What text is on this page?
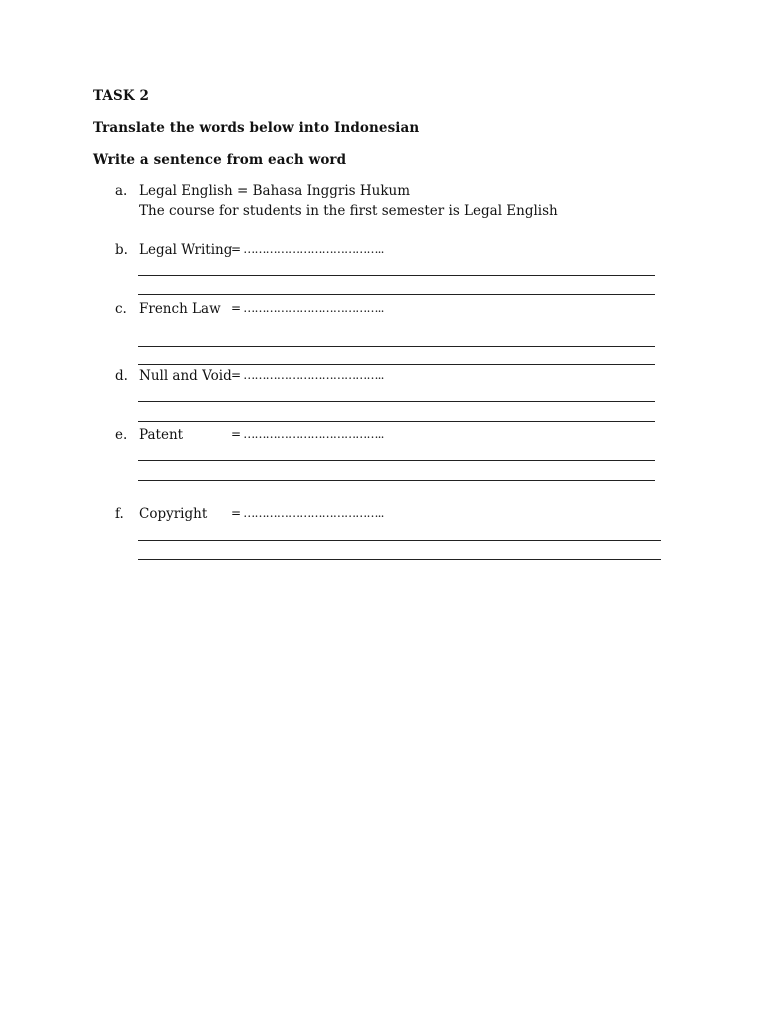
TASK 2
Translate the words below into Indonesian
Write a sentence from each word
a. Legal English = Bahasa Inggris Hukum
The course for students in the first semester is Legal English
b. Legal Writing
= ………………………………..
c. French Law = ………………………………..
d. Null and Void = ………………………………..
e. Patent	= ………………………………..
f. Copyright = ………………………………..
